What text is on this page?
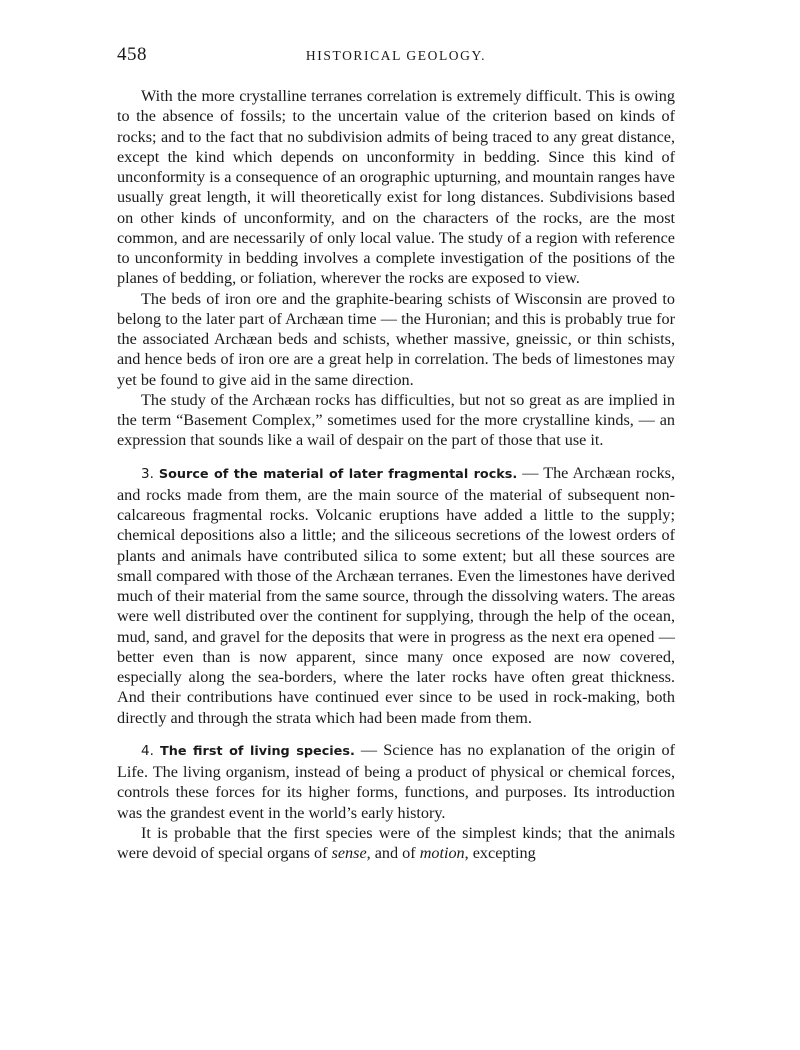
458	HISTORICAL GEOLOGY.

With the more crystalline terranes correlation is extremely difficult. This is owing to the absence of fossils; to the uncertain value of the criterion based on kinds of rocks; and to the fact that no subdivision admits of being traced to any great distance, except the kind which depends on unconformity in bedding. Since this kind of unconformity is a consequence of an orographic upturning, and mountain ranges have usually great length, it will theoretically exist for long distances. Subdivisions based on other kinds of unconformity, and on the characters of the rocks, are the most common, and are necessarily of only local value. The study of a region with reference to unconformity in bedding involves a complete investigation of the positions of the planes of bedding, or foliation, wherever the rocks are exposed to view.

The beds of iron ore and the graphite-bearing schists of Wisconsin are proved to belong to the later part of Archæan time — the Huronian; and this is probably true for the associated Archæan beds and schists, whether massive, gneissic, or thin schists, and hence beds of iron ore are a great help in correlation. The beds of limestones may yet be found to give aid in the same direction.

The study of the Archæan rocks has difficulties, but not so great as are implied in the term “Basement Complex,” sometimes used for the more crystalline kinds, — an expression that sounds like a wail of despair on the part of those that use it.

3. Source of the material of later fragmental rocks. — The Archæan rocks, and rocks made from them, are the main source of the material of subsequent non-calcareous fragmental rocks. Volcanic eruptions have added a little to the supply; chemical depositions also a little; and the siliceous secretions of the lowest orders of plants and animals have contributed silica to some extent; but all these sources are small compared with those of the Archæan terranes. Even the limestones have derived much of their material from the same source, through the dissolving waters. The areas were well distributed over the continent for supplying, through the help of the ocean, mud, sand, and gravel for the deposits that were in progress as the next era opened — better even than is now apparent, since many once exposed are now covered, especially along the sea-borders, where the later rocks have often great thickness. And their contributions have continued ever since to be used in rock-making, both directly and through the strata which had been made from them.

4. The first of living species. — Science has no explanation of the origin of Life. The living organism, instead of being a product of physical or chemical forces, controls these forces for its higher forms, functions, and purposes. Its introduction was the grandest event in the world’s early history.

It is probable that the first species were of the simplest kinds; that the animals were devoid of special organs of sense, and of motion, excepting
